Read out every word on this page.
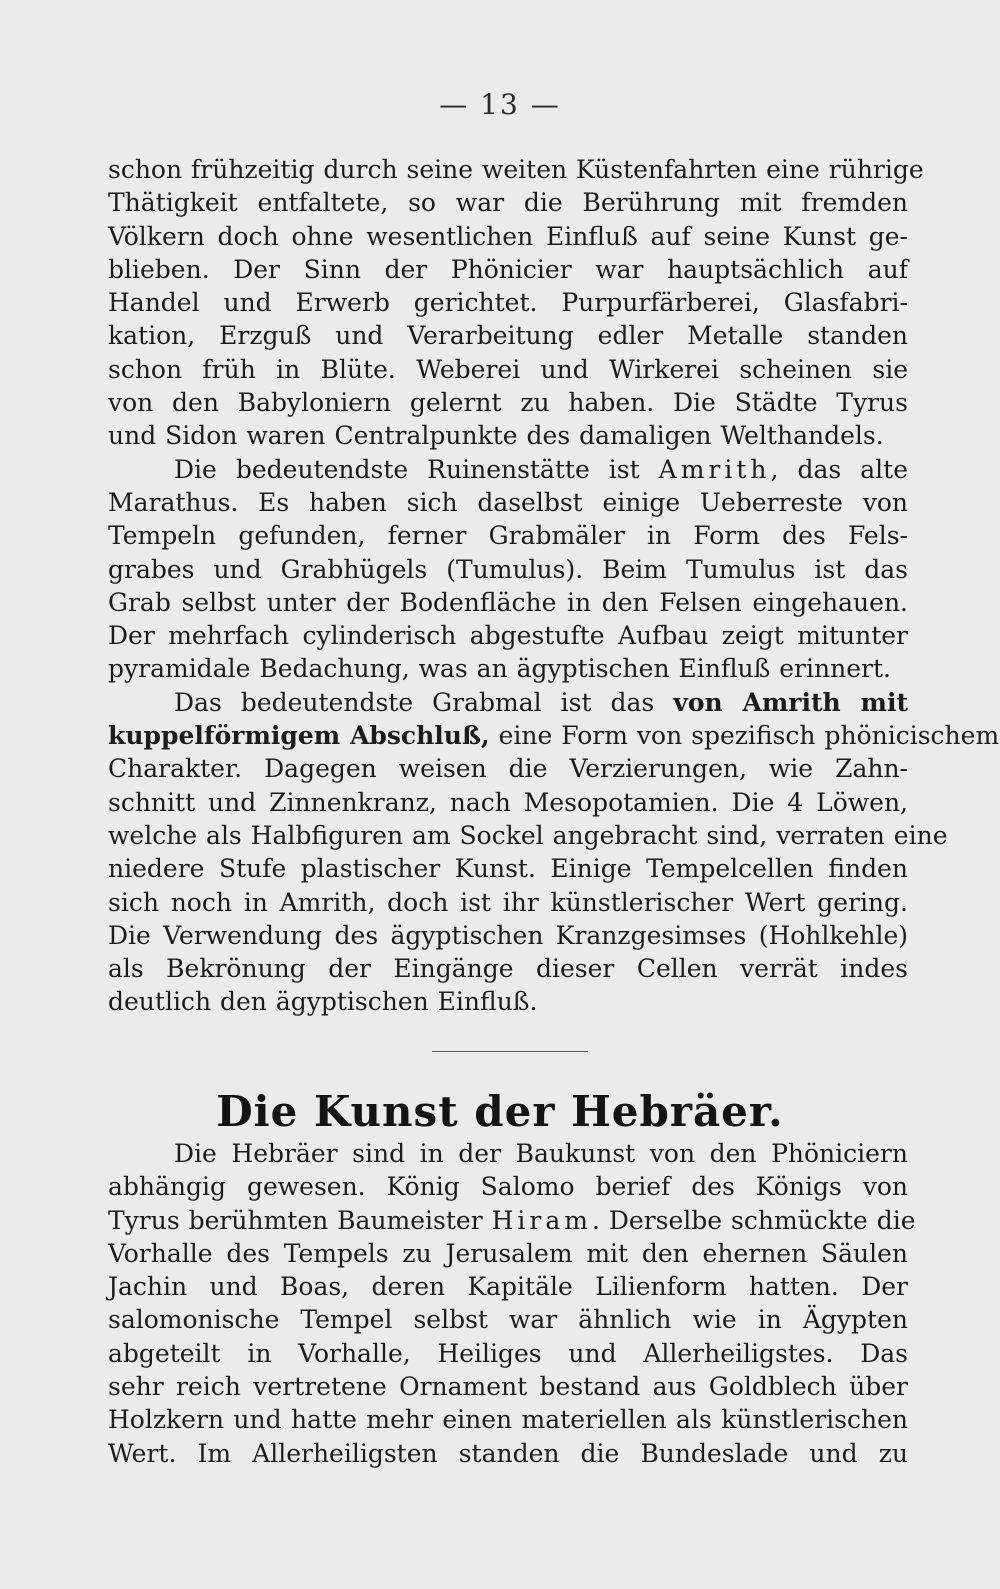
— 13 —
schon frühzeitig durch seine weiten Küstenfahrten eine rührige
Thätigkeit entfaltete, so war die Berührung mit fremden
Völkern doch ohne wesentlichen Einfluß auf seine Kunst ge-
blieben. Der Sinn der Phönicier war hauptsächlich auf
Handel und Erwerb gerichtet. Purpurfärberei, Glasfabri-
kation, Erzguß und Verarbeitung edler Metalle standen
schon früh in Blüte. Weberei und Wirkerei scheinen sie
von den Babyloniern gelernt zu haben. Die Städte Tyrus
und Sidon waren Centralpunkte des damaligen Welthandels.
Die bedeutendste Ruinenstätte ist Amrith, das alte
Marathus. Es haben sich daselbst einige Ueberreste von
Tempeln gefunden, ferner Grabmäler in Form des Fels-
grabes und Grabhügels (Tumulus). Beim Tumulus ist das
Grab selbst unter der Bodenfläche in den Felsen eingehauen.
Der mehrfach cylinderisch abgestufte Aufbau zeigt mitunter
pyramidale Bedachung, was an ägyptischen Einfluß erinnert.
Das bedeutendste Grabmal ist das von Amrith mit
kuppelförmigem Abschluß, eine Form von spezifisch phönicischem
Charakter. Dagegen weisen die Verzierungen, wie Zahn-
schnitt und Zinnenkranz, nach Mesopotamien. Die 4 Löwen,
welche als Halbfiguren am Sockel angebracht sind, verraten eine
niedere Stufe plastischer Kunst. Einige Tempelcellen finden
sich noch in Amrith, doch ist ihr künstlerischer Wert gering.
Die Verwendung des ägyptischen Kranzgesimses (Hohlkehle)
als Bekrönung der Eingänge dieser Cellen verrät indes
deutlich den ägyptischen Einfluß.
Die Kunst der Hebräer.
Die Hebräer sind in der Baukunst von den Phöniciern
abhängig gewesen. König Salomo berief des Königs von
Tyrus berühmten Baumeister Hiram. Derselbe schmückte die
Vorhalle des Tempels zu Jerusalem mit den ehernen Säulen
Jachin und Boas, deren Kapitäle Lilienform hatten. Der
salomonische Tempel selbst war ähnlich wie in Ägypten
abgeteilt in Vorhalle, Heiliges und Allerheiligstes. Das
sehr reich vertretene Ornament bestand aus Goldblech über
Holzkern und hatte mehr einen materiellen als künstlerischen
Wert. Im Allerheiligsten standen die Bundeslade und zu
